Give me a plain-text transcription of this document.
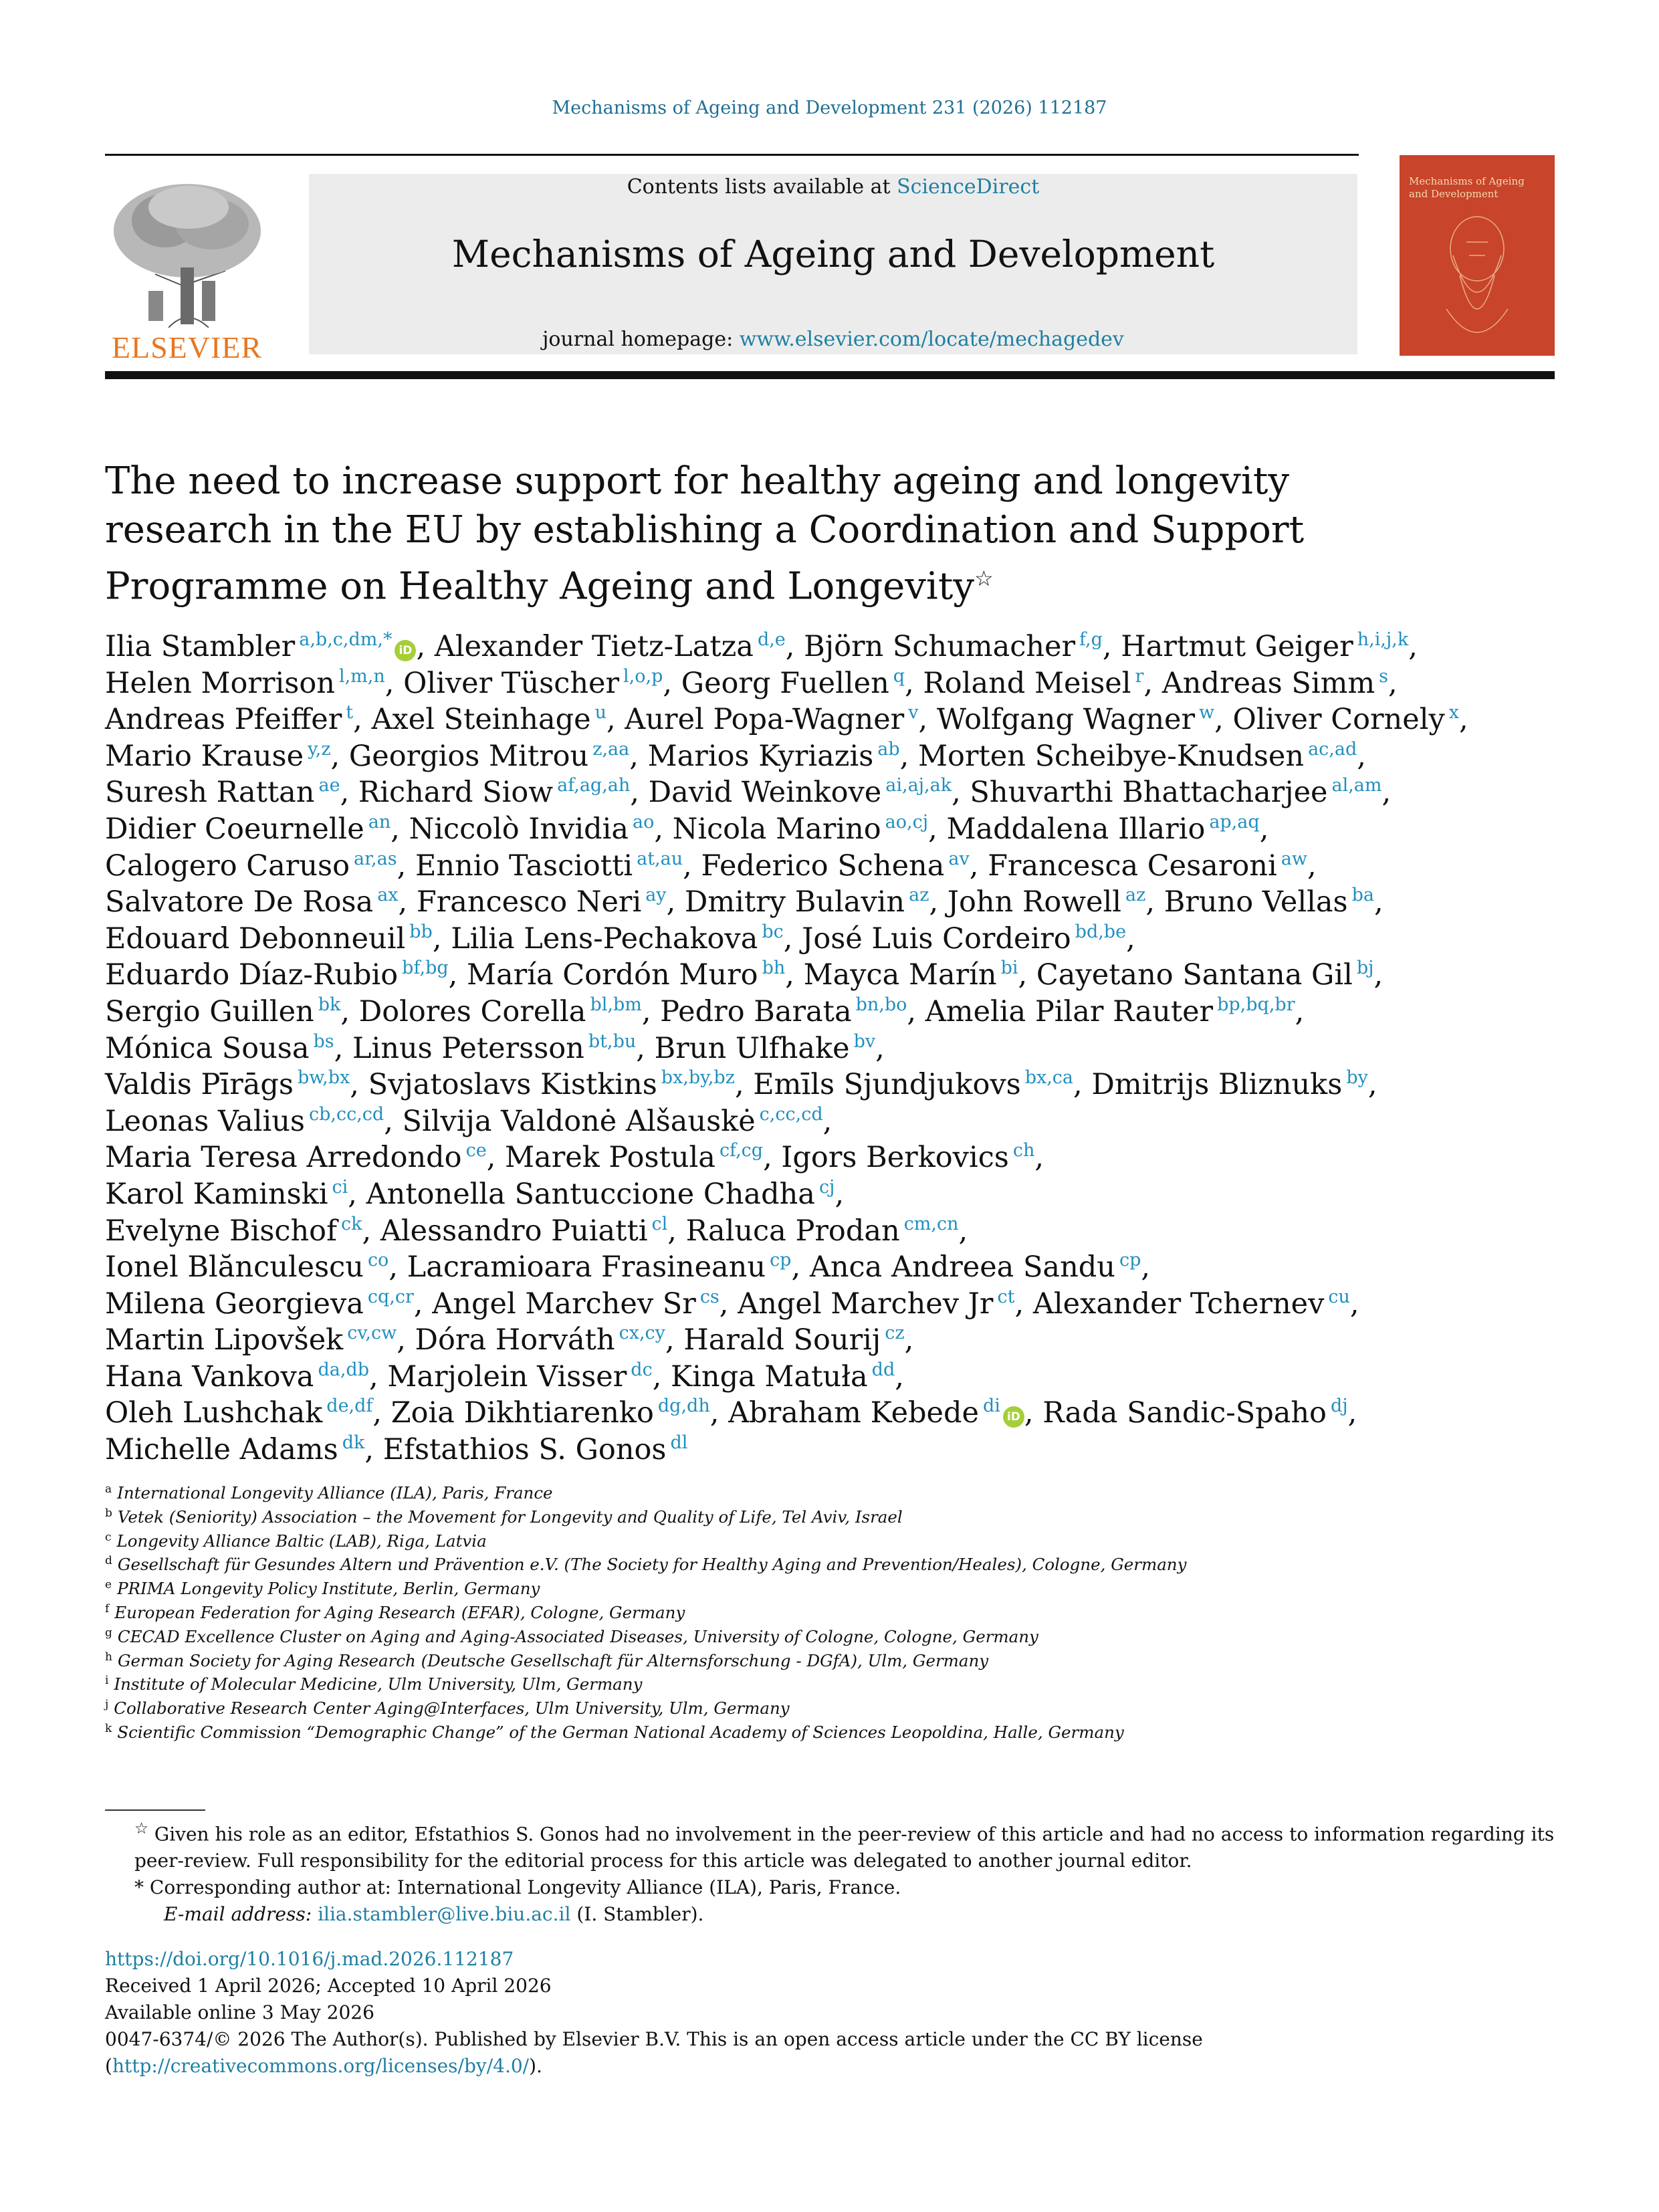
Mechanisms of Ageing and Development 231 (2026) 112187
ELSEVIER
Contents lists available at ScienceDirect
Mechanisms of Ageing and Development
journal homepage: www.elsevier.com/locate/mechagedev
Mechanisms of Ageing and Development
The need to increase support for healthy ageing and longevity research in the EU by establishing a Coordination and Support Programme on Healthy Ageing and Longevity☆
Ilia Stambler $^{a,b,c,dm,*}$iD , Alexander Tietz-Latza $^{d,e}$, Björn Schumacher $^{f,g}$, Hartmut Geiger $^{h,i,j,k}$,
Helen Morrison $^{l,m,n}$, Oliver Tüscher $^{l,o,p}$, Georg Fuellen $^q$, Roland Meisel $^r$, Andreas Simm $^s$,
Andreas Pfeiffer $^t$, Axel Steinhage $^u$, Aurel Popa-Wagner $^v$, Wolfgang Wagner $^w$, Oliver Cornely $^x$,
Mario Krause $^{y,z}$, Georgios Mitrou $^{z,aa}$, Marios Kyriazis $^{ab}$, Morten Scheibye-Knudsen $^{ac,ad}$,
Suresh Rattan $^{ae}$, Richard Siow $^{af,ag,ah}$, David Weinkove $^{ai,aj,ak}$, Shuvarthi Bhattacharjee $^{al,am}$,
Didier Coeurnelle $^{an}$, Niccolò Invidia $^{ao}$, Nicola Marino $^{ao,cj}$, Maddalena Illario $^{ap,aq}$,
Calogero Caruso $^{ar,as}$, Ennio Tasciotti $^{at,au}$, Federico Schena $^{av}$, Francesca Cesaroni $^{aw}$,
Salvatore De Rosa $^{ax}$, Francesco Neri $^{ay}$, Dmitry Bulavin $^{az}$, John Rowell $^{az}$, Bruno Vellas $^{ba}$,
Edouard Debonneuil $^{bb}$, Lilia Lens-Pechakova $^{bc}$, José Luis Cordeiro $^{bd,be}$,
Eduardo Díaz-Rubio $^{bf,bg}$, María Cordón Muro $^{bh}$, Mayca Marín $^{bi}$, Cayetano Santana Gil $^{bj}$,
Sergio Guillen $^{bk}$, Dolores Corella $^{bl,bm}$, Pedro Barata $^{bn,bo}$, Amelia Pilar Rauter $^{bp,bq,br}$,
Mónica Sousa $^{bs}$, Linus Petersson $^{bt,bu}$, Brun Ulfhake $^{bv}$,
Valdis Pīrāgs $^{bw,bx}$, Svjatoslavs Kistkins $^{bx,by,bz}$, Emīls Sjundjukovs $^{bx,ca}$, Dmitrijs Bliznuks $^{by}$,
Leonas Valius $^{cb,cc,cd}$, Silvija Valdonė Alšauskė $^{c,cc,cd}$,
Maria Teresa Arredondo $^{ce}$, Marek Postula $^{cf,cg}$, Igors Berkovics $^{ch}$,
Karol Kaminski $^{ci}$, Antonella Santuccione Chadha $^{cj}$,
Evelyne Bischof $^{ck}$, Alessandro Puiatti $^{cl}$, Raluca Prodan $^{cm,cn}$,
Ionel Blănculescu $^{co}$, Lacramioara Frasineanu $^{cp}$, Anca Andreea Sandu $^{cp}$,
Milena Georgieva $^{cq,cr}$, Angel Marchev Sr $^{cs}$, Angel Marchev Jr $^{ct}$, Alexander Tchernev $^{cu}$,
Martin Lipovšek $^{cv,cw}$, Dóra Horváth $^{cx,cy}$, Harald Sourij $^{cz}$,
Hana Vankova $^{da,db}$, Marjolein Visser $^{dc}$, Kinga Matuła $^{dd}$,
Oleh Lushchak $^{de,df}$, Zoia Dikhtiarenko $^{dg,dh}$, Abraham Kebede $^{di}$iD , Rada Sandic-Spaho $^{dj}$,
Michelle Adams $^{dk}$, Efstathios S. Gonos $^{dl}$
$^a$ International Longevity Alliance (ILA), Paris, France
$^b$ Vetek (Seniority) Association – the Movement for Longevity and Quality of Life, Tel Aviv, Israel
$^c$ Longevity Alliance Baltic (LAB), Riga, Latvia
$^d$ Gesellschaft für Gesundes Altern und Prävention e.V. (The Society for Healthy Aging and Prevention/Heales), Cologne, Germany
$^e$ PRIMA Longevity Policy Institute, Berlin, Germany
$^f$ European Federation for Aging Research (EFAR), Cologne, Germany
$^g$ CECAD Excellence Cluster on Aging and Aging-Associated Diseases, University of Cologne, Cologne, Germany
$^h$ German Society for Aging Research (Deutsche Gesellschaft für Alternsforschung - DGfA), Ulm, Germany
$^i$ Institute of Molecular Medicine, Ulm University, Ulm, Germany
$^j$ Collaborative Research Center Aging@Interfaces, Ulm University, Ulm, Germany
$^k$ Scientific Commission “Demographic Change” of the German National Academy of Sciences Leopoldina, Halle, Germany

☆ Given his role as an editor, Efstathios S. Gonos had no involvement in the peer-review of this article and had no access to information regarding its peer-review. Full responsibility for the editorial process for this article was delegated to another journal editor.

* Corresponding author at: International Longevity Alliance (ILA), Paris, France.

E-mail address: ilia.stambler@live.biu.ac.il (I. Stambler).

https://doi.org/10.1016/j.mad.2026.112187

Received 1 April 2026; Accepted 10 April 2026

Available online 3 May 2026

0047-6374/© 2026 The Author(s). Published by Elsevier B.V. This is an open access article under the CC BY license (http://creativecommons.org/licenses/by/4.0/).
